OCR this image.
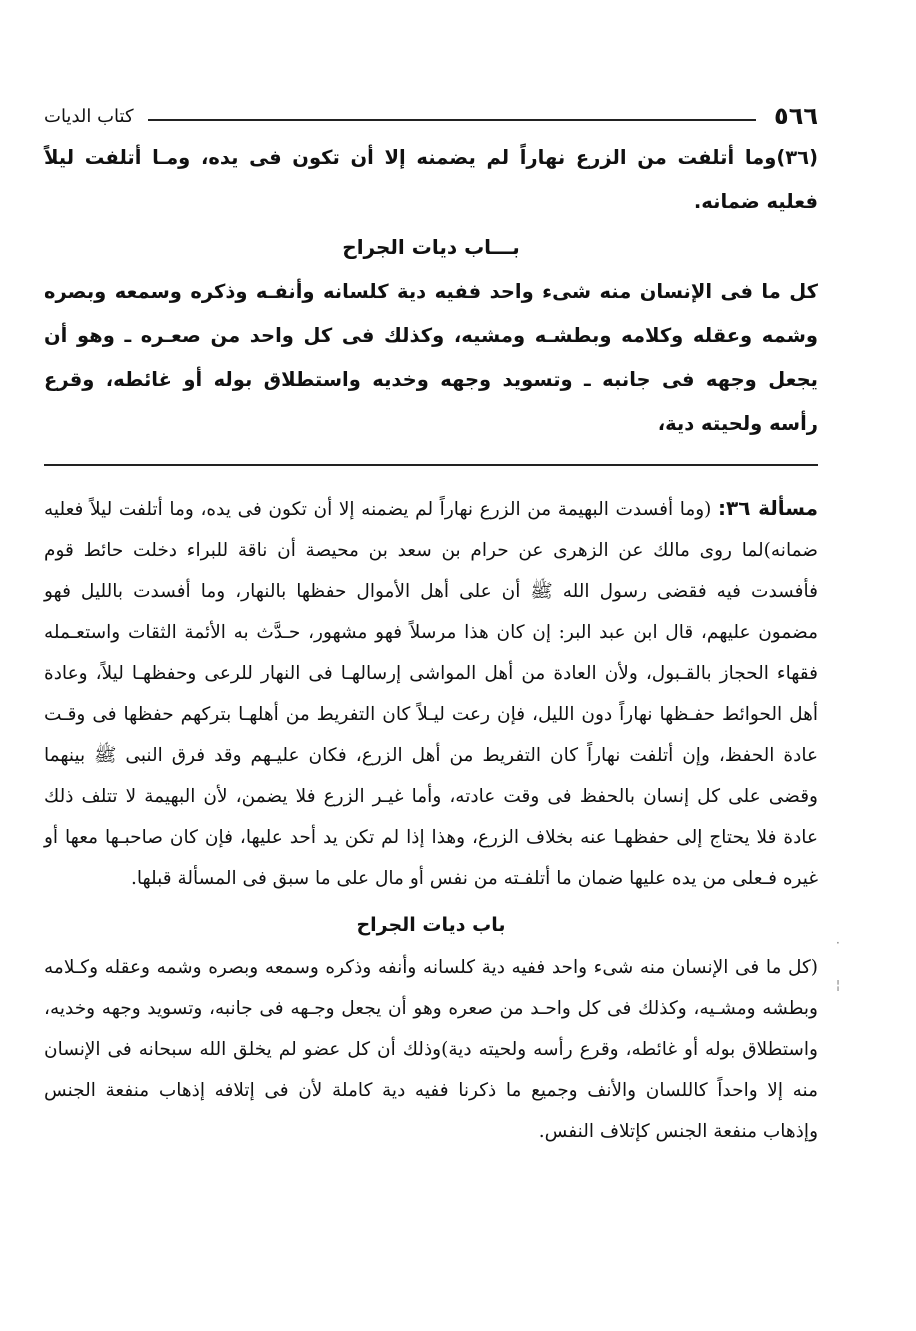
٥٦٦
كتاب الديات

(٣٦)وما أتلفت من الزرع نهاراً لم يضمنه إلا أن تكون فى يده، ومـا أتلفت ليلاً فعليه ضمانه.

بـــاب ديات الجراح

كل ما فى الإنسان منه شىء واحد ففيه دية كلسانه وأنفـه وذكره وسمعه وبصره وشمه وعقله وكلامه وبطشـه ومشيه، وكذلك فى كل واحد من صعـره ـ وهو أن يجعل وجهه فى جانبه ـ وتسويد وجهه وخديه واستطلاق بوله أو غائطه، وقرع رأسه ولحيته دية،

مسألة ٣٦: (وما أفسدت البهيمة من الزرع نهاراً لم يضمنه إلا أن تكون فى يده، وما أتلفت ليلاً فعليه ضمانه)لما روى مالك عن الزهرى عن حرام بن سعد بن محيصة أن ناقة للبراء دخلت حائط قوم فأفسدت فيه فقضى رسول الله ﷺ أن على أهل الأموال حفظها بالنهار، وما أفسدت بالليل فهو مضمون عليهم، قال ابن عبد البر: إن كان هذا مرسلاً فهو مشهور، حـدَّث به الأئمة الثقات واستعـمله فقهاء الحجاز بالقـبول، ولأن العادة من أهل المواشى إرسالهـا فى النهار للرعى وحفظهـا ليلاً، وعادة أهل الحوائط حفـظها نهاراً دون الليل، فإن رعت ليـلاً كان التفريط من أهلهـا بتركهم حفظها فى وقـت عادة الحفظ، وإن أتلفت نهاراً كان التفريط من أهل الزرع، فكان عليـهم وقد فرق النبى ﷺ بينهما وقضى على كل إنسان بالحفظ فى وقت عادته، وأما غيـر الزرع فلا يضمن، لأن البهيمة لا تتلف ذلك عادة فلا يحتاج إلى حفظهـا عنه بخلاف الزرع، وهذا إذا لم تكن يد أحد عليها، فإن كان صاحبـها معها أو غيره فـعلى من يده عليها ضمان ما أتلفـته من نفس أو مال على ما سبق فى المسألة قبلها.

باب ديات الجراح

(كل ما فى الإنسان منه شىء واحد ففيه دية كلسانه وأنفه وذكره وسمعه وبصره وشمه وعقله وكـلامه وبطشه ومشـيه، وكذلك فى كل واحـد من صعره وهو أن يجعل وجـهه فى جانبه، وتسويد وجهه وخديه، واستطلاق بوله أو غائطه، وقرع رأسه ولحيته دية)وذلك أن كل عضو لم يخلق الله سبحانه فى الإنسان منه إلا واحداً كاللسان والأنف وجميع ما ذكرنا ففيه دية كاملة لأن فى إتلافه إذهاب منفعة الجنس وإذهاب منفعة الجنس كإتلاف النفس.

·
¦
